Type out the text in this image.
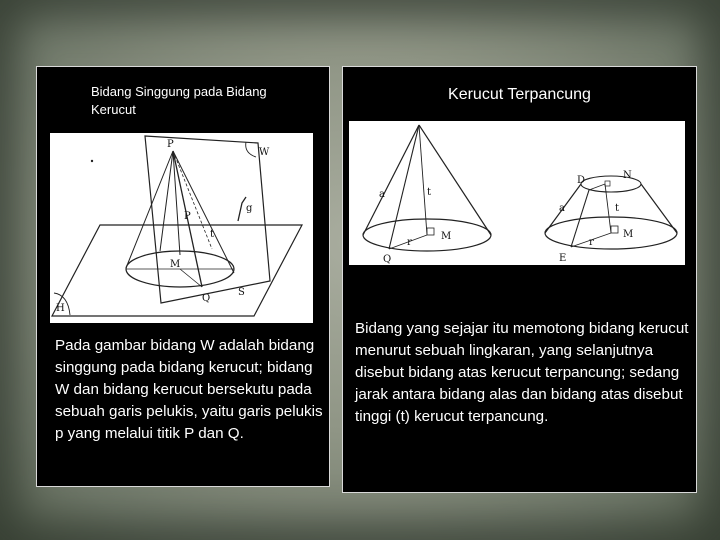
Bidang Singgung pada Bidang Kerucut
P
W
P
t
g
M
Q
S
H

Pada gambar bidang W adalah bidang singgung pada bidang kerucut; bidang W dan bidang kerucut bersekutu pada sebuah garis pelukis, yaitu garis pelukis p yang melalui titik P dan Q.

Kerucut Terpancung
a	t
r
M
Q
D	N
a	t
r
M
E

Bidang yang sejajar itu memotong bidang kerucut menurut sebuah lingkaran, yang selanjutnya disebut bidang atas kerucut terpancung; sedang jarak antara bidang alas dan bidang atas disebut tinggi (t) kerucut terpancung.
